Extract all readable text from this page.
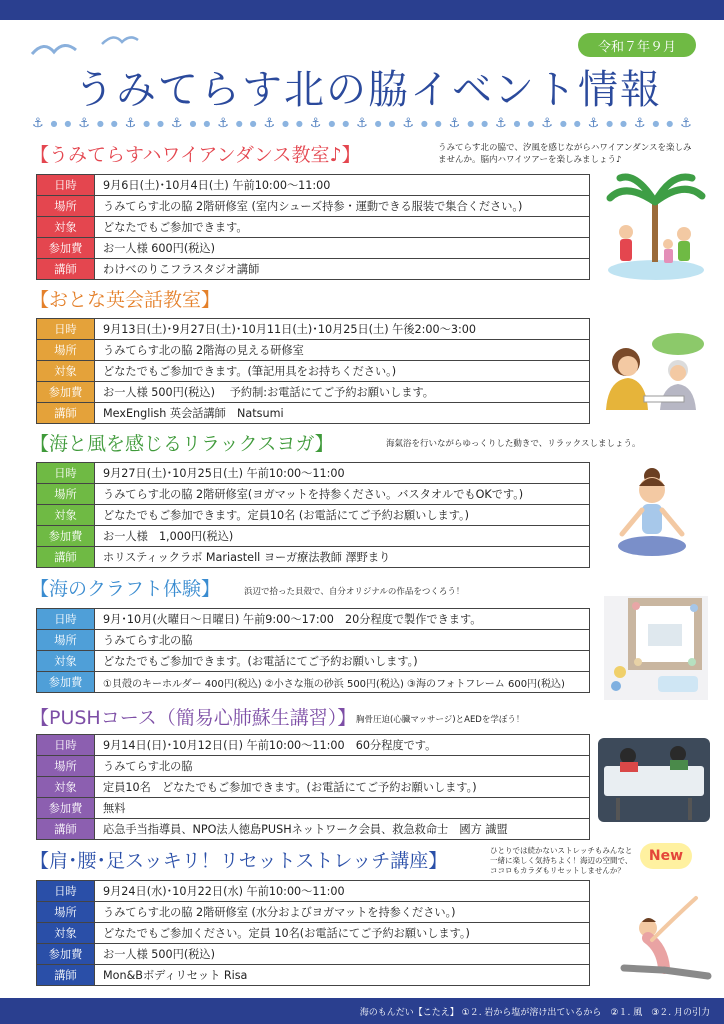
令和７年９月
うみてらす北の脇イベント情報
⚓ ● ● ⚓ ● ● ⚓ ● ● ⚓ ● ● ⚓ ● ● ⚓ ● ● ⚓ ● ● ⚓ ● ● ⚓ ● ● ⚓ ● ● ⚓ ● ● ⚓ ● ● ⚓ ● ● ⚓ ● ● ⚓
【うみてらすハワイアンダンス教室♪】	うみてらす北の脇で、汐風を感じながらハワイアンダンスを楽しみませんか。脳内ハワイツアーを楽しみましょう♪
日時	9月6日(土)･10月4日(土) 午前10:00～11:00
場所	うみてらす北の脇 2階研修室 (室内シューズ持参・運動できる服装で集合ください。)
対象	どなたでもご参加できます。
参加費	お一人様 600円(税込)
講師	わけべのりこフラスタジオ講師
【おとな英会話教室】
日時	9月13日(土)･9月27日(土)･10月11日(土)･10月25日(土) 午後2:00～3:00
場所	うみてらす北の脇 2階海の見える研修室
対象	どなたでもご参加できます。(筆記用具をお持ちください。)
参加費	お一人様 500円(税込)　 予約制:お電話にてご予約お願いします。
講師	MexEnglish 英会話講師　Natsumi
【海と風を感じるリラックスヨガ】	海氣浴を行いながらゆっくりした動きで、リラックスしましょう。
日時	9月27日(土)･10月25日(土) 午前10:00～11:00
場所	うみてらす北の脇 2階研修室(ヨガマットを持参ください。バスタオルでもOKです。)
対象	どなたでもご参加できます。定員10名 (お電話にてご予約お願いします。)
参加費	お一人様　1,000円(税込)
講師	ホリスティックラボ Mariastell ヨーガ療法教師 澤野まり
【海のクラフト体験】	浜辺で拾った貝殻で、自分オリジナルの作品をつくろう！
日時	9月･10月(火曜日～日曜日) 午前9:00～17:00　20分程度で製作できます。
場所	うみてらす北の脇
対象	どなたでもご参加できます。(お電話にてご予約お願いします。)
参加費	①貝殻のキーホルダー 400円(税込) ②小さな瓶の砂浜 500円(税込) ③海のフォトフレーム 600円(税込)
【PUSHコース（簡易心肺蘇生講習）】 胸骨圧迫(心臓マッサージ)とAEDを学ぼう！
日時	9月14日(日)･10月12日(日) 午前10:00～11:00　60分程度です。
場所	うみてらす北の脇
対象	定員10名　どなたでもご参加できます。(お電話にてご予約お願いします。)
参加費	無料
講師	応急手当指導員、NPO法人徳島PUSHネットワーク会員、救急救命士　國方 識盟
【肩･腰･足スッキリ！リセットストレッチ講座】	ひとりでは続かないストレッチもみんなと一緒に楽しく気持ちよく！海辺の空間で、ココロもカラダもリセットしませんか？
New
日時	9月24日(水)･10月22日(水) 午前10:00～11:00
場所	うみてらす北の脇 2階研修室 (水分およびヨガマットを持参ください。)
対象	どなたでもご参加ください。定員 10名(お電話にてご予約お願いします。)
参加費	お一人様 500円(税込)
講師	Mon&Bボディリセット Risa
海のもんだい【こたえ】 ①２. 岩から塩が溶け出ているから　②１. 風　③２. 月の引力
